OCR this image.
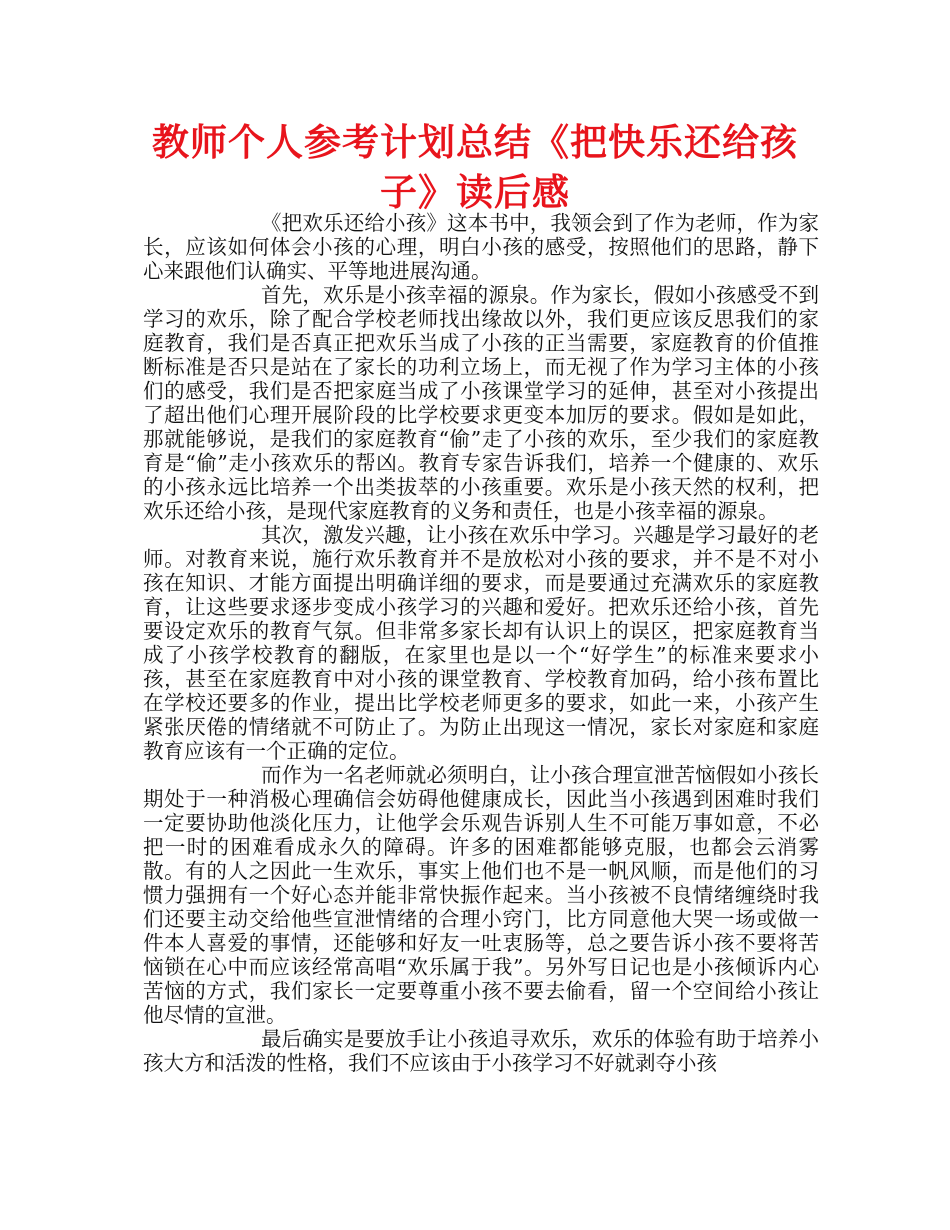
教师个人参考计划总结《把快乐还给孩
子》读后感

《把欢乐还给小孩》这本书中，我领会到了作为老师，作为家长，应该如何体会小孩的心理，明白小孩的感受，按照他们的思路，静下心来跟他们认确实、平等地进展沟通。

首先，欢乐是小孩幸福的源泉。作为家长，假如小孩感受不到学习的欢乐，除了配合学校老师找出缘故以外，我们更应该反思我们的家庭教育，我们是否真正把欢乐当成了小孩的正当需要，家庭教育的价值推断标准是否只是站在了家长的功利立场上，而无视了作为学习主体的小孩们的感受，我们是否把家庭当成了小孩课堂学习的延伸，甚至对小孩提出了超出他们心理开展阶段的比学校要求更变本加厉的要求。假如是如此，那就能够说，是我们的家庭教育“偷”走了小孩的欢乐，至少我们的家庭教育是“偷”走小孩欢乐的帮凶。教育专家告诉我们，培养一个健康的、欢乐的小孩永远比培养一个出类拔萃的小孩重要。欢乐是小孩天然的权利，把欢乐还给小孩，是现代家庭教育的义务和责任，也是小孩幸福的源泉。

其次，激发兴趣，让小孩在欢乐中学习。兴趣是学习最好的老师。对教育来说，施行欢乐教育并不是放松对小孩的要求，并不是不对小孩在知识、才能方面提出明确详细的要求，而是要通过充满欢乐的家庭教育，让这些要求逐步变成小孩学习的兴趣和爱好。把欢乐还给小孩，首先要设定欢乐的教育气氛。但非常多家长却有认识上的误区，把家庭教育当成了小孩学校教育的翻版，在家里也是以一个“好学生”的标准来要求小孩，甚至在家庭教育中对小孩的课堂教育、学校教育加码，给小孩布置比在学校还要多的作业，提出比学校老师更多的要求，如此一来，小孩产生紧张厌倦的情绪就不可防止了。为防止出现这一情况，家长对家庭和家庭教育应该有一个正确的定位。

而作为一名老师就必须明白，让小孩合理宣泄苦恼假如小孩长期处于一种消极心理确信会妨碍他健康成长，因此当小孩遇到困难时我们一定要协助他淡化压力，让他学会乐观告诉别人生不可能万事如意，不必把一时的困难看成永久的障碍。许多的困难都能够克服，也都会云消雾散。有的人之因此一生欢乐，事实上他们也不是一帆风顺，而是他们的习惯力强拥有一个好心态并能非常快振作起来。当小孩被不良情绪缠绕时我们还要主动交给他些宣泄情绪的合理小窍门，比方同意他大哭一场或做一件本人喜爱的事情，还能够和好友一吐衷肠等，总之要告诉小孩不要将苦恼锁在心中而应该经常高唱“欢乐属于我”。另外写日记也是小孩倾诉内心苦恼的方式，我们家长一定要尊重小孩不要去偷看，留一个空间给小孩让他尽情的宣泄。

最后确实是要放手让小孩追寻欢乐，欢乐的体验有助于培养小孩大方和活泼的性格，我们不应该由于小孩学习不好就剥夺小孩
